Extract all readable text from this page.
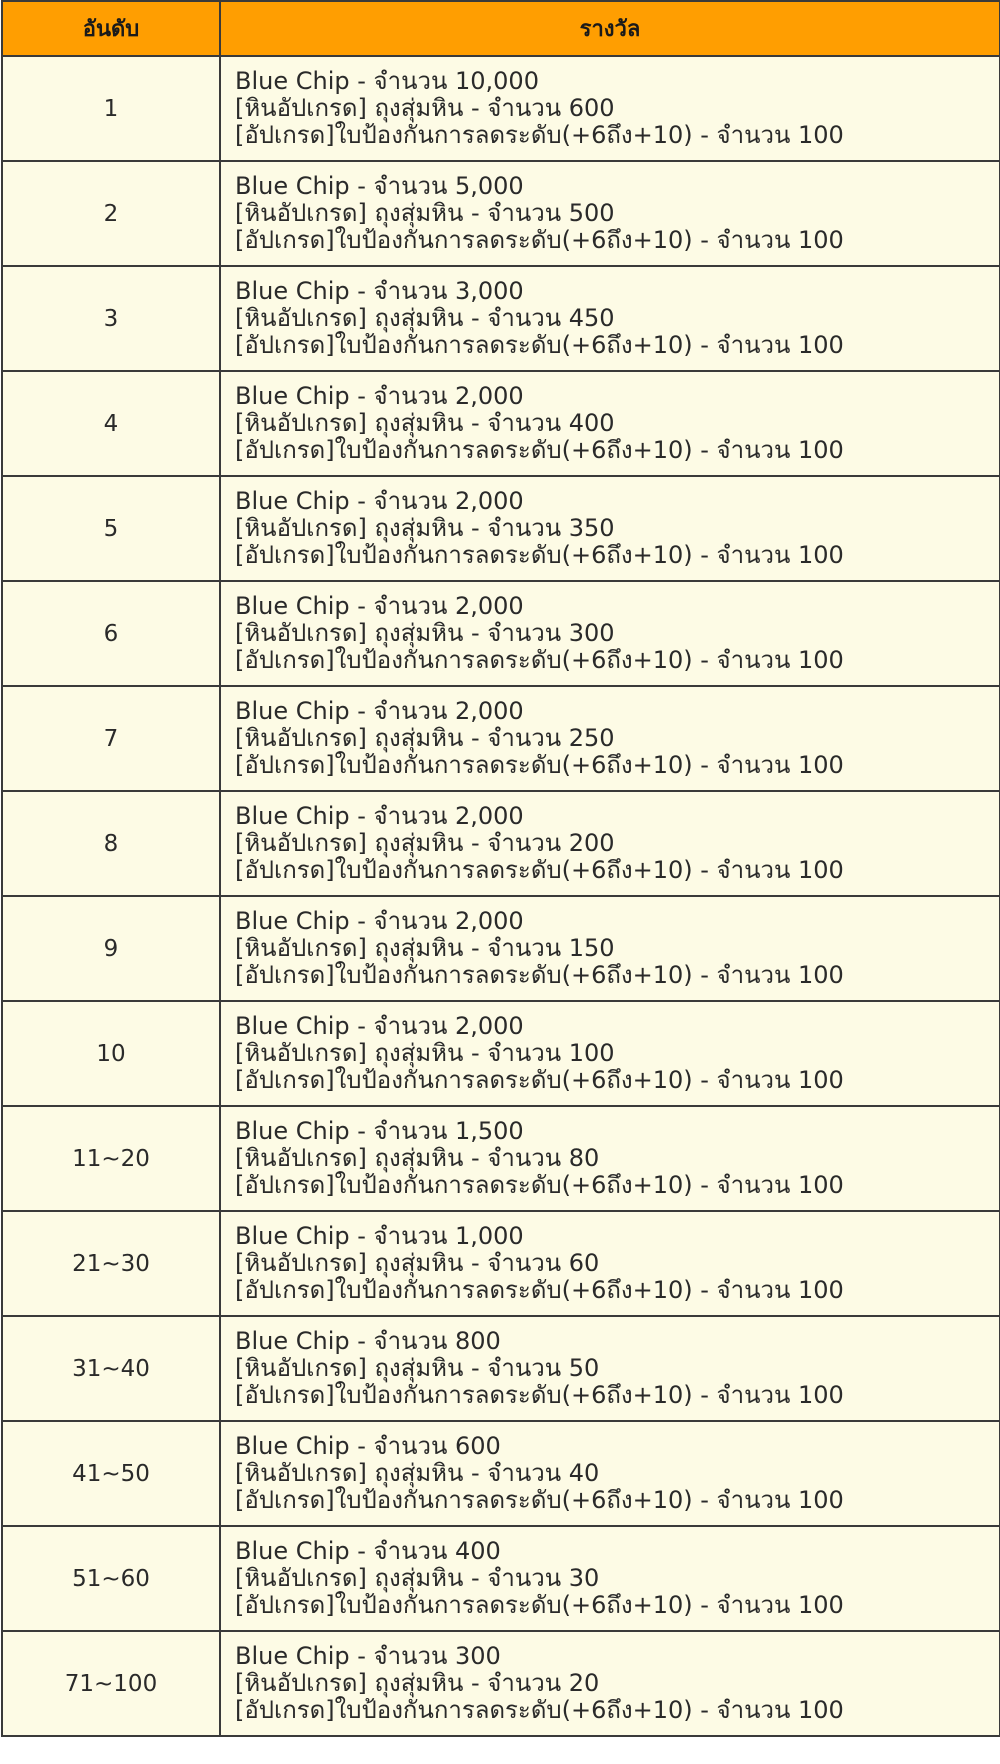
อันดับ	รางวัล
1	Blue Chip - จำนวน 10,000
[หินอัปเกรด] ถุงสุ่มหิน - จำนวน 600
[อัปเกรด]ใบป้องกันการลดระดับ(+6ถึง+10) - จำนวน 100

2	Blue Chip - จำนวน 5,000
[หินอัปเกรด] ถุงสุ่มหิน - จำนวน 500
[อัปเกรด]ใบป้องกันการลดระดับ(+6ถึง+10) - จำนวน 100

3	Blue Chip - จำนวน 3,000
[หินอัปเกรด] ถุงสุ่มหิน - จำนวน 450
[อัปเกรด]ใบป้องกันการลดระดับ(+6ถึง+10) - จำนวน 100

4	Blue Chip - จำนวน 2,000
[หินอัปเกรด] ถุงสุ่มหิน - จำนวน 400
[อัปเกรด]ใบป้องกันการลดระดับ(+6ถึง+10) - จำนวน 100

5	Blue Chip - จำนวน 2,000
[หินอัปเกรด] ถุงสุ่มหิน - จำนวน 350
[อัปเกรด]ใบป้องกันการลดระดับ(+6ถึง+10) - จำนวน 100

6	Blue Chip - จำนวน 2,000
[หินอัปเกรด] ถุงสุ่มหิน - จำนวน 300
[อัปเกรด]ใบป้องกันการลดระดับ(+6ถึง+10) - จำนวน 100

7	Blue Chip - จำนวน 2,000
[หินอัปเกรด] ถุงสุ่มหิน - จำนวน 250
[อัปเกรด]ใบป้องกันการลดระดับ(+6ถึง+10) - จำนวน 100

8	Blue Chip - จำนวน 2,000
[หินอัปเกรด] ถุงสุ่มหิน - จำนวน 200
[อัปเกรด]ใบป้องกันการลดระดับ(+6ถึง+10) - จำนวน 100

9	Blue Chip - จำนวน 2,000
[หินอัปเกรด] ถุงสุ่มหิน - จำนวน 150
[อัปเกรด]ใบป้องกันการลดระดับ(+6ถึง+10) - จำนวน 100

10	Blue Chip - จำนวน 2,000
[หินอัปเกรด] ถุงสุ่มหิน - จำนวน 100
[อัปเกรด]ใบป้องกันการลดระดับ(+6ถึง+10) - จำนวน 100

11~20	Blue Chip - จำนวน 1,500
[หินอัปเกรด] ถุงสุ่มหิน - จำนวน 80
[อัปเกรด]ใบป้องกันการลดระดับ(+6ถึง+10) - จำนวน 100

21~30	Blue Chip - จำนวน 1,000
[หินอัปเกรด] ถุงสุ่มหิน - จำนวน 60
[อัปเกรด]ใบป้องกันการลดระดับ(+6ถึง+10) - จำนวน 100

31~40	Blue Chip - จำนวน 800
[หินอัปเกรด] ถุงสุ่มหิน - จำนวน 50
[อัปเกรด]ใบป้องกันการลดระดับ(+6ถึง+10) - จำนวน 100

41~50	Blue Chip - จำนวน 600
[หินอัปเกรด] ถุงสุ่มหิน - จำนวน 40
[อัปเกรด]ใบป้องกันการลดระดับ(+6ถึง+10) - จำนวน 100

51~60	Blue Chip - จำนวน 400
[หินอัปเกรด] ถุงสุ่มหิน - จำนวน 30
[อัปเกรด]ใบป้องกันการลดระดับ(+6ถึง+10) - จำนวน 100

71~100	Blue Chip - จำนวน 300
[หินอัปเกรด] ถุงสุ่มหิน - จำนวน 20
[อัปเกรด]ใบป้องกันการลดระดับ(+6ถึง+10) - จำนวน 100
